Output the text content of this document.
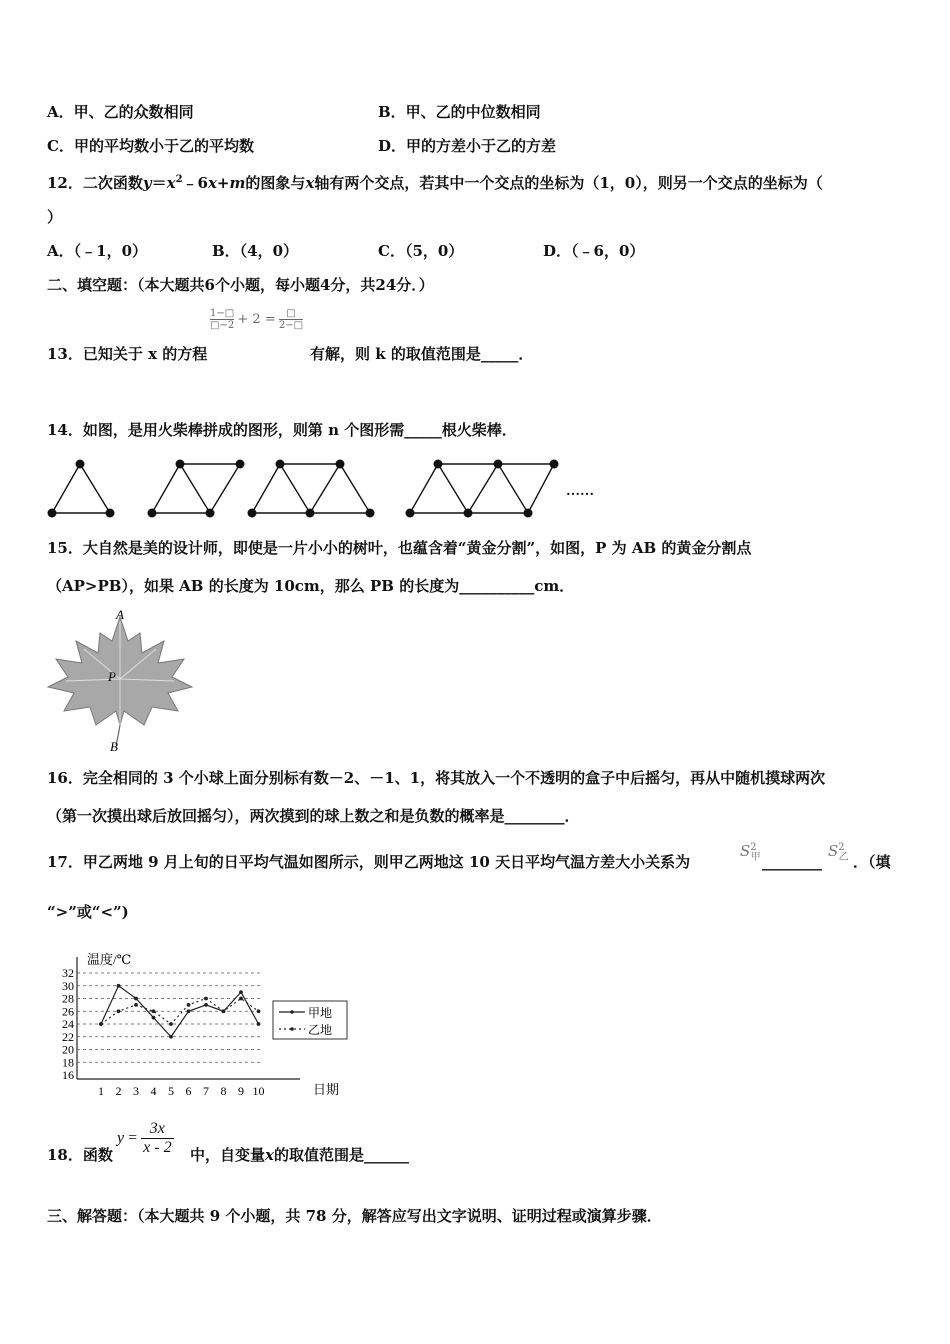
A．甲、乙的众数相同	B．甲、乙的中位数相同
C．甲的平均数小于乙的平均数	D．甲的方差小于乙的方差
12．二次函数$y=x^2﹣6x+m$的图象与x轴有两个交点，若其中一个交点的坐标为（1，0），则另一个交点的坐标为（
）
A．（﹣1，0）	B．（4，0）	C．（5，0）	D．（﹣6，0）
二、填空题：（本大题共6个小题，每小题4分，共24分．）
$\frac{1-□}{□-2} + 2$ =	□
2−□
13．已知关于 x 的方程	有解，则 k 的取值范围是_____．
14．如图，是用火柴棒拼成的图形，则第 n 个图形需_____根火柴棒．
……
15．大自然是美的设计师，即使是一片小小的树叶，也蕴含着“黄金分割”，如图，P 为 AB 的黄金分割点
（AP>PB），如果 AB 的长度为 10cm，那么 PB 的长度为__________cm．
A
P
B
16．完全相同的 3 个小球上面分别标有数－2、－1、1，将其放入一个不透明的盒子中后摇匀，再从中随机摸球两次
（第一次摸出球后放回摇匀），两次摸到的球上数之和是负数的概率是________．
17．甲乙两地 9 月上旬的日平均气温如图所示，则甲乙两地这 10 天日平均气温方差大小关系为
$S^2_甲$ ________
$S^2_乙$ ．（填
“>”或“<”)
温度/℃
日期
16
18
20
22
24
26
28
30
32
1 2 3 4 5 6 7 8 9 10
甲地
乙地
18．函数
$y = \frac{3x}{x - 2}$ 中，自变量x的取值范围是______
三、解答题：（本大题共 9 个小题，共 78 分，解答应写出文字说明、证明过程或演算步骤．
